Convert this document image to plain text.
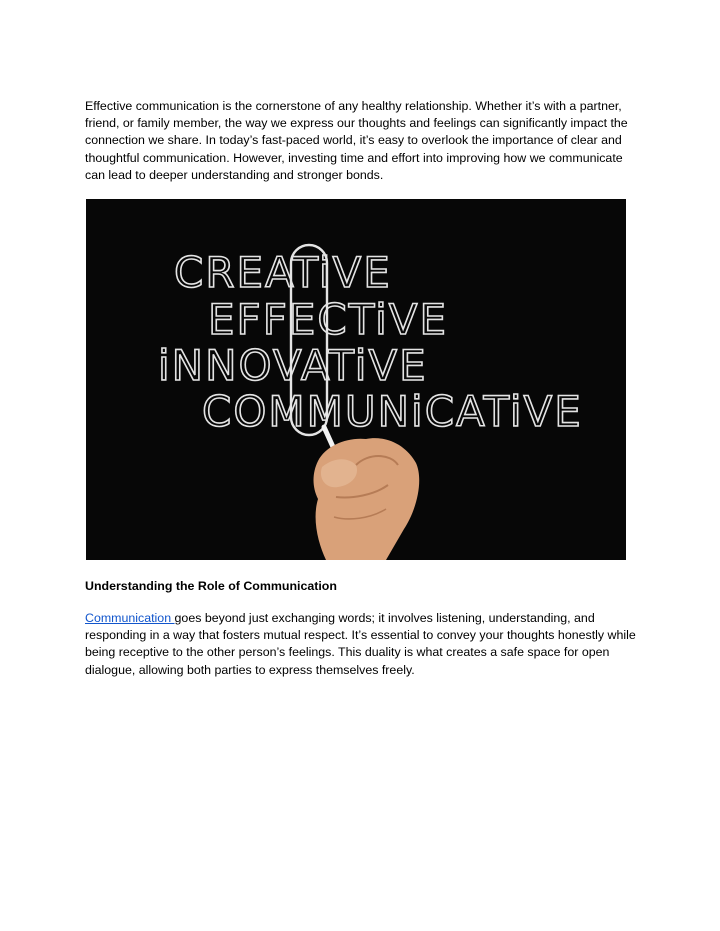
Effective communication is the cornerstone of any healthy relationship. Whether it’s with a partner, friend, or family member, the way we express our thoughts and feelings can significantly impact the connection we share. In today’s fast-paced world, it’s easy to overlook the importance of clear and thoughtful communication. However, investing time and effort into improving how we communicate can lead to deeper understanding and stronger bonds.

CREATiVE
EFFECTiVE
iNNOVATiVE
COMMUNiCATiVE

Understanding the Role of Communication

Communication goes beyond just exchanging words; it involves listening, understanding, and responding in a way that fosters mutual respect. It’s essential to convey your thoughts honestly while being receptive to the other person’s feelings. This duality is what creates a safe space for open dialogue, allowing both parties to express themselves freely.
